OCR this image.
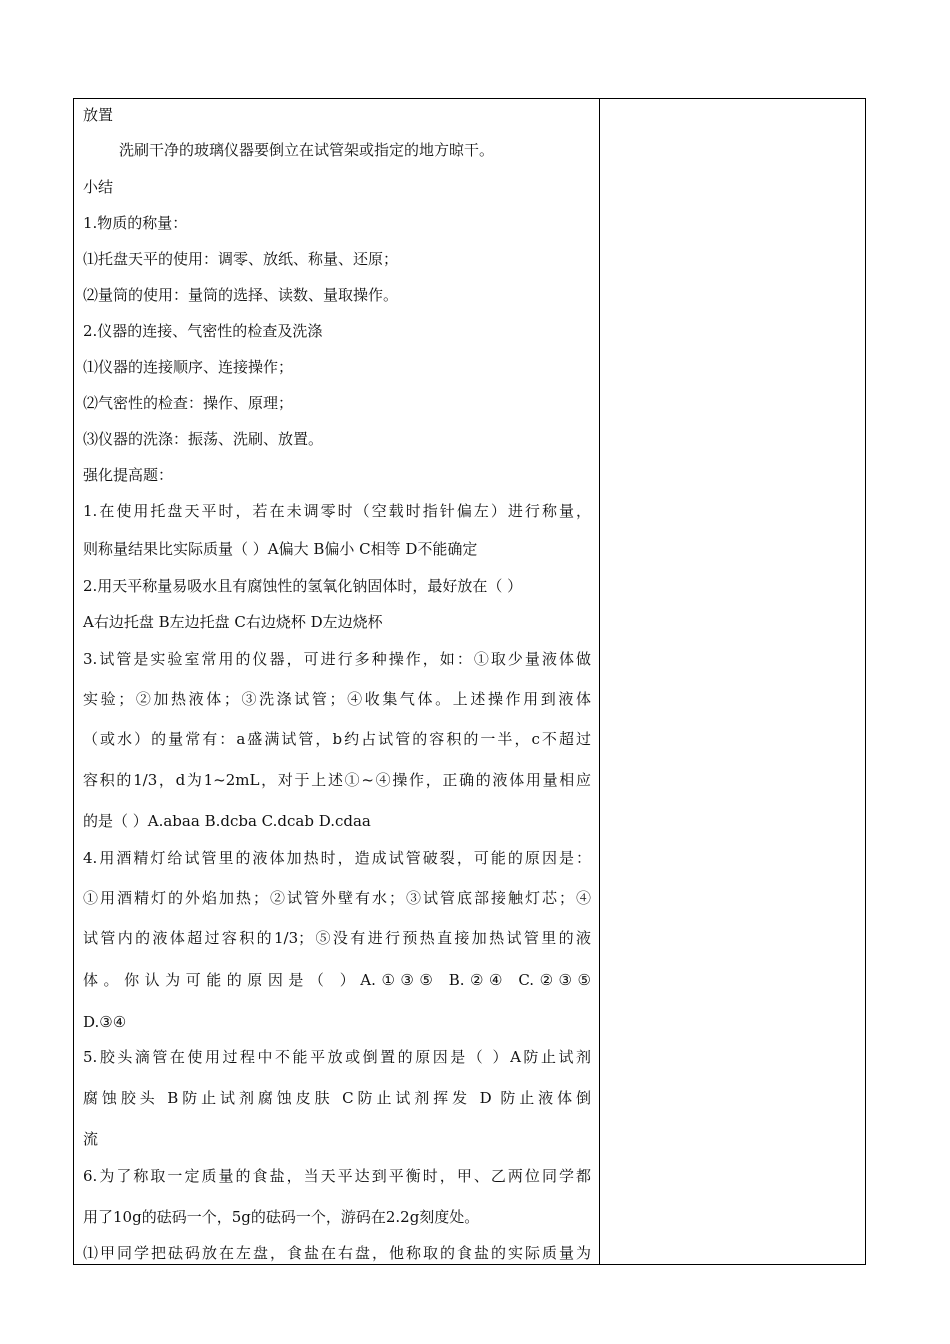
放置
洗刷干净的玻璃仪器要倒立在试管架或指定的地方晾干。
小结
1.物质的称量：
⑴托盘天平的使用：调零、放纸、称量、还原；
⑵量筒的使用：量筒的选择、读数、量取操作。
2.仪器的连接、气密性的检查及洗涤
⑴仪器的连接顺序、连接操作；
⑵气密性的检查：操作、原理；
⑶仪器的洗涤：振荡、洗刷、放置。
强化提高题：
1.在使用托盘天平时，若在未调零时（空载时指针偏左）进行称量，
则称量结果比实际质量（ ）A偏大 B偏小 C相等 D不能确定
2.用天平称量易吸水且有腐蚀性的氢氧化钠固体时，最好放在（ ）
A右边托盘 B左边托盘 C右边烧杯 D左边烧杯
3.试管是实验室常用的仪器，可进行多种操作，如：①取少量液体做
实验；②加热液体；③洗涤试管；④收集气体。上述操作用到液体
（或水）的量常有：a盛满试管，b约占试管的容积的一半，c不超过
容积的1/3，d为1~2mL，对于上述①~④操作，正确的液体用量相应
的是（ ）A.abaa B.dcba C.dcab D.cdaa
4.用酒精灯给试管里的液体加热时，造成试管破裂，可能的原因是：
①用酒精灯的外焰加热；②试管外壁有水；③试管底部接触灯芯；④
试管内的液体超过容积的1/3；⑤没有进行预热直接加热试管里的液
体。你认为可能的原因是（ ）A.①③⑤ B.②④ C.②③⑤
D.③④
5.胶头滴管在使用过程中不能平放或倒置的原因是（ ）A防止试剂
腐蚀胶头 B防止试剂腐蚀皮肤 C防止试剂挥发 D 防止液体倒
流
6.为了称取一定质量的食盐，当天平达到平衡时，甲、乙两位同学都
用了10g的砝码一个，5g的砝码一个，游码在2.2g刻度处。
⑴甲同学把砝码放在左盘，食盐在右盘，他称取的食盐的实际质量为
